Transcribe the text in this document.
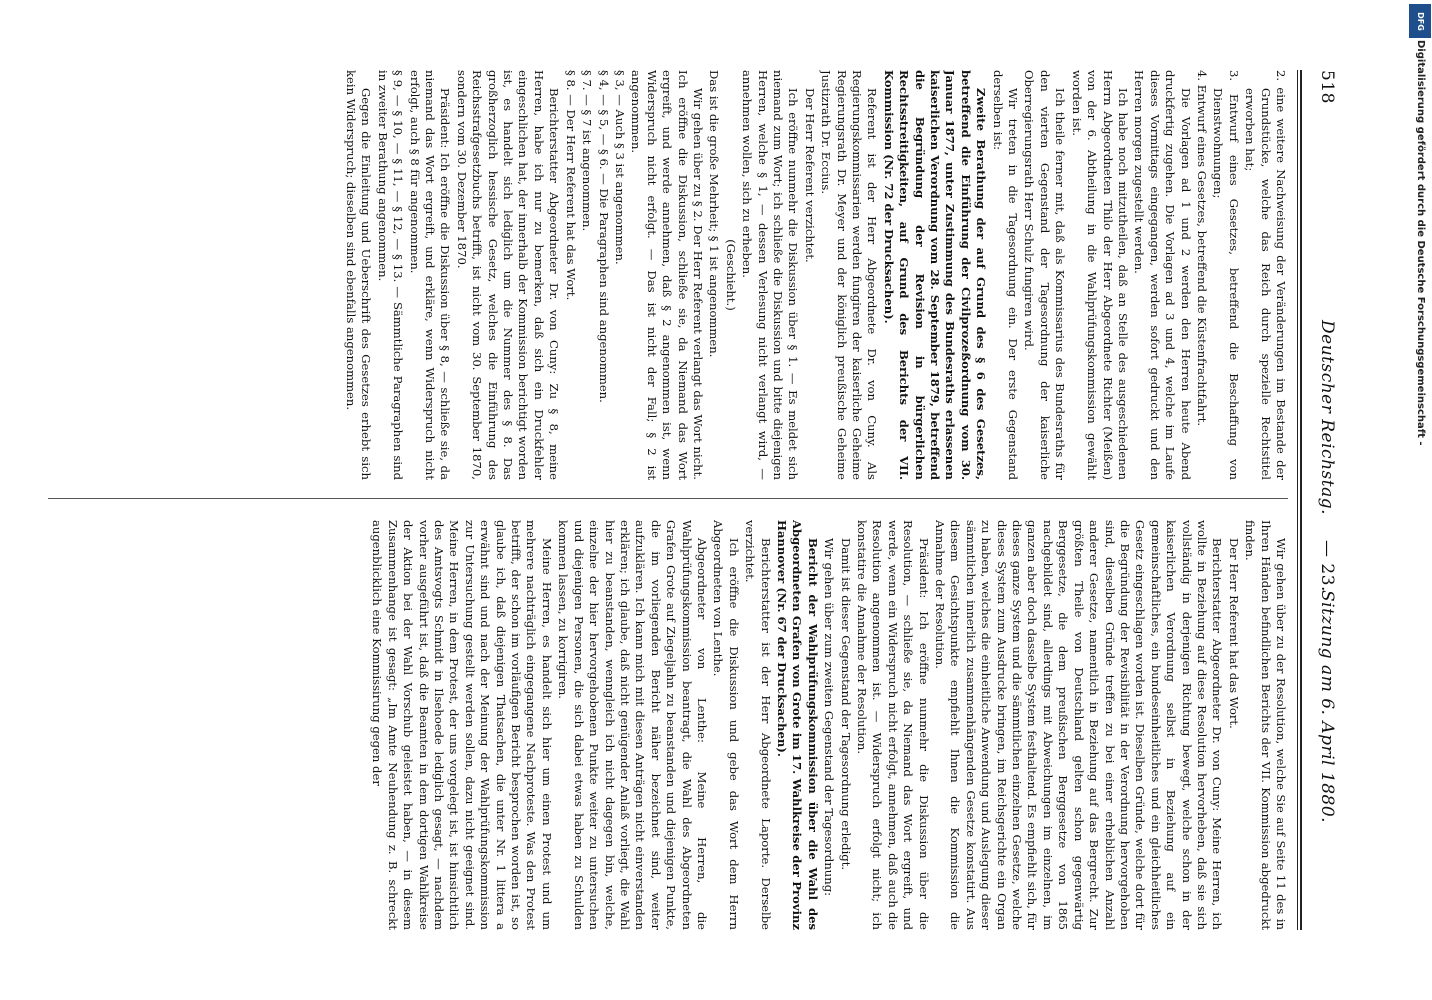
518
Deutscher Reichstag.
— 23.
Sitzung am 6. April 1880.

2. eine weitere Nachweisung der Veränderungen im Bestande der Grundstücke, welche das Reich durch spezielle Rechtstitel erworben hat;

3. Entwurf eines Gesetzes, betreffend die Beschaffung von Dienstwohnungen;

4. Entwurf eines Gesetzes, betreffend die Küstenfrachtfahrt.

Die Vorlagen ad 1 und 2 werden den Herren heute Abend druckfertig zugehen. Die Vorlagen ad 3 und 4, welche im Laufe dieses Vormittags eingegangen, werden sofort gedruckt und den Herren morgen zugestellt werden.

Ich habe noch mitzutheilen, daß an Stelle des ausgeschiedenen Herrn Abgeordneten Thilo der Herr Abgeordnete Richter (Meißen) von der 6. Abtheilung in die Wahlprüfungskommission gewählt worden ist.

Ich theile ferner mit, daß als Kommissarius des Bundesraths für den vierten Gegenstand der Tagesordnung der kaiserliche Oberregierungsrath Herr Schulz fungiren wird.

Wir treten in die Tagesordnung ein. Der erste Gegenstand derselben ist:

Zweite Berathung der auf Grund des § 6 des Gesetzes, betreffend die Einführung der Civilprozeßordnung vom 30. Januar 1877, unter Zustimmung des Bundesraths erlassenen kaiserlichen Verordnung vom 28. September 1879, betreffend die Begründung der Revision in bürgerlichen Rechtsstreitigkeiten, auf Grund des Berichts der VII. Kommission (Nr. 72 der Drucksachen).

Referent ist der Herr Abgeordnete Dr. von Cuny. Als Regierungskommissarien werden fungiren der kaiserliche Geheime Regierungsrath Dr. Meyer und der königlich preußische Geheime Justizrath Dr. Eccius.

Der Herr Referent verzichtet.

Ich eröffne nunmehr die Diskussion über § 1. — Es meldet sich niemand zum Wort; ich schließe die Diskussion und bitte diejenigen Herren, welche § 1, — dessen Verlesung nicht verlangt wird, — annehmen wollen, sich zu erheben.

(Geschieht.)

Das ist die große Mehrheit; § 1 ist angenommen.

Wir gehen über zu § 2. Der Herr Referent verlangt das Wort nicht. Ich eröffne die Diskussion, schließe sie, da Niemand das Wort ergreift, und werde annehmen, daß § 2 angenommen ist, wenn Widerspruch nicht erfolgt. — Das ist nicht der Fall; § 2 ist angenommen.

§ 3, — Auch § 3 ist angenommen.

§ 4, — § 5, — § 6. — Die Paragraphen sind angenommen.

§ 7. — § 7 ist angenommen.

§ 8. — Der Herr Referent hat das Wort.

Berichterstatter Abgeordneter Dr. von Cuny: Zu § 8, meine Herren, habe ich nur zu bemerken, daß sich ein Druckfehler eingeschlichen hat, der innerhalb der Kommission berichtigt worden ist, es handelt sich lediglich um die Nummer des § 8. Das großherzoglich hessische Gesetz, welches die Einführung des Reichsstrafgesetzbuchs betrifft, ist nicht vom 30. September 1870, sondern vom 30. Dezember 1870.

Präsident: Ich eröffne die Diskussion über § 8, — schließe sie, da niemand das Wort ergreift, und erkläre, wenn Widerspruch nicht erfolgt, auch § 8 für angenommen.

§ 9, — § 10, — § 11, — § 12, — § 13. — Sämmtliche Paragraphen sind in zweiter Berathung angenommen.

Gegen die Einleitung und Ueberschrift des Gesetzes erhebt sich kein Widerspruch; dieselben sind ebenfalls angenommen.

Wir gehen über zu der Resolution, welche Sie auf Seite 11 des in Ihren Händen befindlichen Berichts der VII. Kommission abgedruckt finden.

Der Herr Referent hat das Wort.

Berichterstatter Abgeordneter Dr. von Cuny: Meine Herren, ich wollte in Beziehung auf diese Resolution hervorheben, daß sie sich vollständig in derjenigen Richtung bewegt, welche schon in der kaiserlichen Verordnung selbst in Beziehung auf ein gemeinschaftliches, ein bundeseinheitliches und ein gleichheitliches Gesetz eingeschlagen worden ist. Dieselben Gründe, welche dort für die Begründung der Revisibilität in der Verordnung hervorgehoben sind, dieselben Gründe treffen zu bei einer erheblichen Anzahl anderer Gesetze, namentlich in Beziehung auf das Bergrecht. Zur größten Theile von Deutschland gelten schon gegenwärtig Berggesetze, die dem preußischen Berggesetze von 1865 nachgebildet sind, allerdings mit Abweichungen im einzelnen, im ganzen aber doch dasselbe System festhaltend. Es empfiehlt sich, für dieses ganze System und die sämmtlichen einzelnen Gesetze, welche dieses System zum Ausdrucke bringen, im Reichsgerichte ein Organ zu haben, welches die einheitliche Anwendung und Auslegung dieser sämmtlichen innerlich zusammenhängenden Gesetze konstatirt. Aus diesem Gesichtspunkte empfiehlt Ihnen die Kommission die Annahme der Resolution.

Präsident: Ich eröffne nunmehr die Diskussion über die Resolution, — schließe sie, da Niemand das Wort ergreift, und werde, wenn ein Widerspruch nicht erfolgt, annehmen, daß auch die Resolution angenommen ist. — Widerspruch erfolgt nicht; ich konstatire die Annahme der Resolution.

Damit ist dieser Gegenstand der Tagesordnung erledigt.

Wir gehen über zum zweiten Gegenstand der Tagesordnung:

Bericht der Wahlprüfungskommission über die Wahl des Abgeordneten Grafen von Grote im 17. Wahlkreise der Provinz Hannover (Nr. 67 der Drucksachen).

Berichterstatter ist der Herr Abgeordnete Laporte. Derselbe verzichtet.

Ich eröffne die Diskussion und gebe das Wort dem Herrn Abgeordneten von Lenthe.

Abgeordneter von Lenthe: Meine Herren, die Wahlprüfungskommission beantragt, die Wahl des Abgeordneten Grafen Grote auf Ziegeljahn zu beanstanden und diejenigen Punkte, die im vorliegenden Bericht näher bezeichnet sind, weiter aufzuklären. Ich kann mich mit diesen Anträgen nicht einverstanden erklären; ich glaube, daß nicht genügender Anlaß vorliegt, die Wahl hier zu beanstanden, wenngleich ich nicht dagegen bin, welche, einzelne der hier hervorgehobenen Punkte weiter zu untersuchen und diejenigen Personen, die sich dabei etwas haben zu Schulden kommen lassen, zu korrigiren.

Meine Herren, es handelt sich hier um einen Protest und um mehrere nachträglich eingegangene Nachproteste. Was den Protest betrifft, der schon im vorläufigen Bericht besprochen worden ist, so glaube ich, daß diejenigen Thatsachen, die unter Nr. 1 littera a erwähnt sind und nach der Meinung der Wahlprüfungskommission zur Untersuchung gestellt werden sollen, dazu nicht geeignet sind. Meine Herren, in dem Protest, der uns vorgelegt ist, ist hinsichtlich des Amtsvogts Schmidt in Ilsehoede lediglich gesagt, — nachdem vorher ausgeführt ist, daß die Beamten in dem dortigen Wahlkreise der Aktion bei der Wahl Vorschub geleistet haben, — in diesem Zusammenhange ist gesagt: „Im Amte Neuhendung z. B. schreckt augenblicklich eine Kommissirung gegen der

DFG
Digitalisierung gefördert durch die Deutsche Forschungsgemeinschaft -
